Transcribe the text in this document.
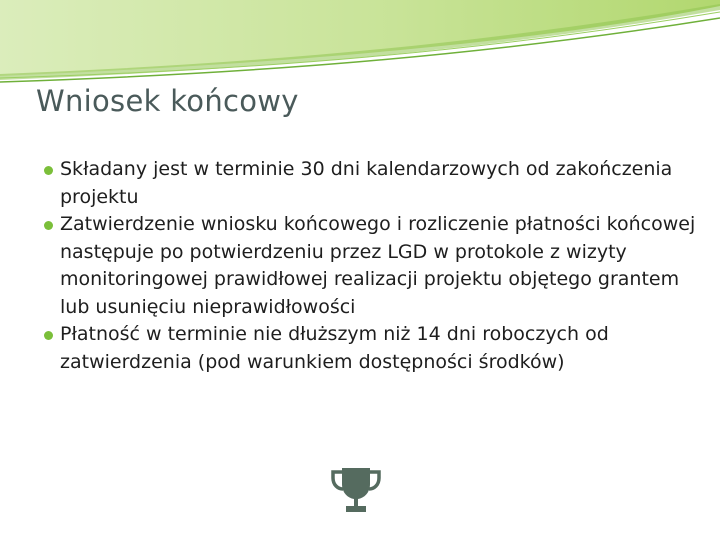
Wniosek końcowy
Składany jest w terminie 30 dni kalendarzowych od zakończenia projektu
Zatwierdzenie wniosku końcowego i rozliczenie płatności końcowej następuje po potwierdzeniu przez LGD w protokole z wizyty monitoringowej prawidłowej realizacji projektu objętego grantem lub usunięciu nieprawidłowości
Płatność w terminie nie dłuższym niż 14 dni roboczych od zatwierdzenia (pod warunkiem dostępności środków)
